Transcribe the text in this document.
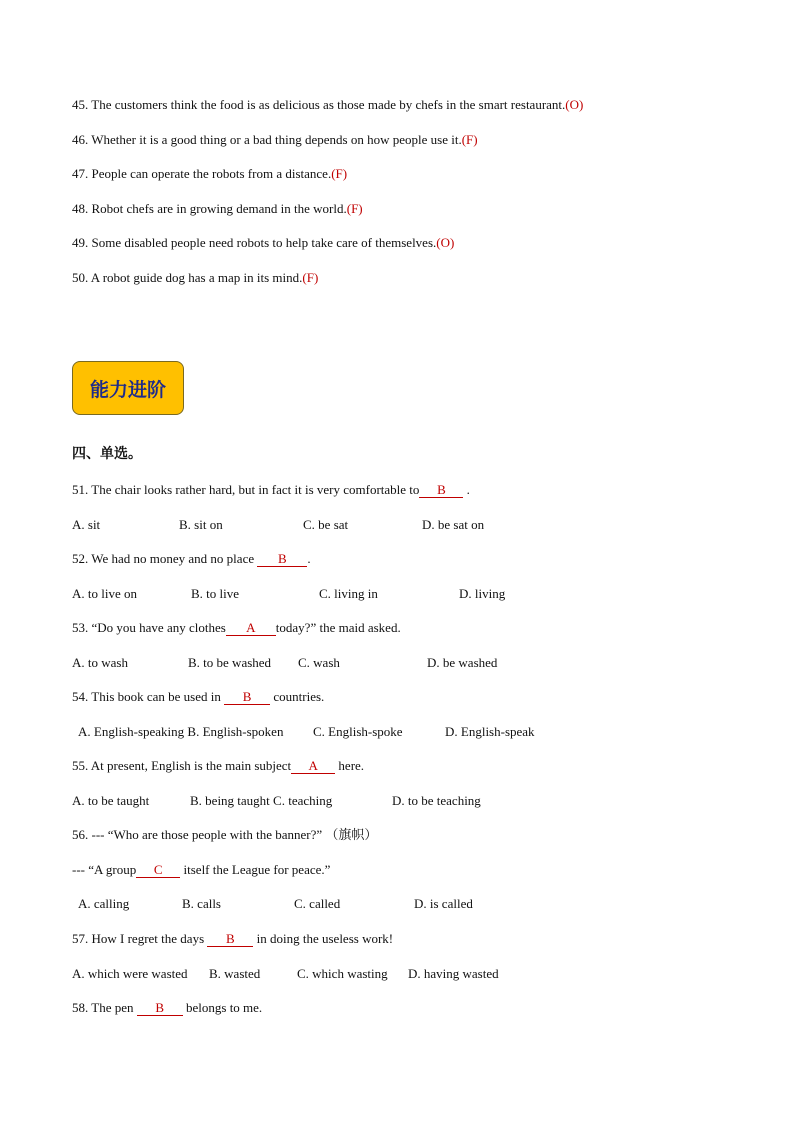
45. The customers think the food is as delicious as those made by chefs in the smart restaurant.(O)
46. Whether it is a good thing or a bad thing depends on how people use it.(F)
47. People can operate the robots from a distance.(F)
48. Robot chefs are in growing demand in the world.(F)
49. Some disabled people need robots to help take care of themselves.(O)
50. A robot guide dog has a map in its mind.(F)
能力进阶
四、单选。
51. The chair looks rather hard, but in fact it is very comfortable to B .
A. sit	B. sit on	C. be sat	D. be sat on
52. We had no money and no place B .
A. to live on	B. to live	C. living in	D. living
53. “Do you have any clothes A today?” the maid asked.
A. to wash	B. to be washed C. wash	D. be washed
54. This book can be used in B countries.
A. English-speaking B. English-spoken C. English-spoke	D. English-speak
55. At present, English is the main subject A here.
A. to be taught	B. being taught C. teaching	D. to be teaching
56. --- “Who are those people with the banner?” （旗帜）
--- “A group C itself the League for peace.”
A. calling	B. calls	C. called	D. is called
57. How I regret the days B in doing the useless work!
A. which were wasted B. wasted	C. which wasting D. having wasted
58. The pen B belongs to me.
